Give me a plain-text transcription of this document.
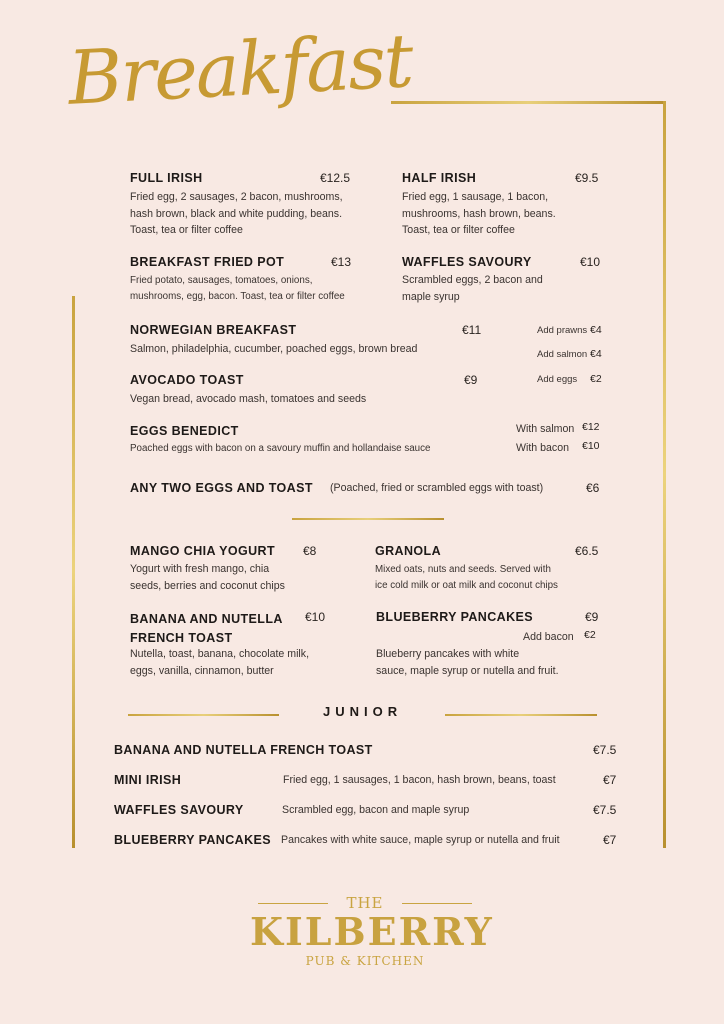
Breakfast
FULL IRISH	€12.5
Fried egg, 2 sausages, 2 bacon, mushrooms,
hash brown, black and white pudding, beans.
Toast, tea or filter coffee
HALF IRISH	€9.5
Fried egg, 1 sausage, 1 bacon,
mushrooms, hash brown, beans.
Toast, tea or filter coffee
BREAKFAST FRIED POT	€13
Fried potato, sausages, tomatoes, onions,
mushrooms, egg, bacon. Toast, tea or filter coffee
WAFFLES SAVOURY	€10
Scrambled eggs, 2 bacon and
maple syrup
NORWEGIAN BREAKFAST	€11
Salmon, philadelphia, cucumber, poached eggs, brown bread
Add prawns €4
Add salmon €4
Add eggs €2
AVOCADO TOAST	€9
Vegan bread, avocado mash, tomatoes and seeds
EGGS BENEDICT
Poached eggs with bacon on a savoury muffin and hollandaise sauce
With salmon €12
With bacon €10
ANY TWO EGGS AND TOAST (Poached, fried or scrambled eggs with toast)	€6
MANGO CHIA YOGURT €8
Yogurt with fresh mango, chia
seeds, berries and coconut chips
GRANOLA	€6.5
Mixed oats, nuts and seeds. Served with
ice cold milk or oat milk and coconut chips
BANANA AND NUTELLA
FRENCH TOAST
€10
Nutella, toast, banana, chocolate milk,
eggs, vanilla, cinnamon, butter
BLUEBERRY PANCAKES	€9
Add bacon €2
Blueberry pancakes with white
sauce, maple syrup or nutella and fruit.
JUNIOR
BANANA AND NUTELLA FRENCH TOAST	€7.5
MINI IRISH	Fried egg, 1 sausages, 1 bacon, hash brown, beans, toast	€7
WAFFLES SAVOURY	Scrambled egg, bacon and maple syrup	€7.5
BLUEBERRY PANCAKES Pancakes with white sauce, maple syrup or nutella and fruit	€7
THE
KILBERRY
PUB & KITCHEN
